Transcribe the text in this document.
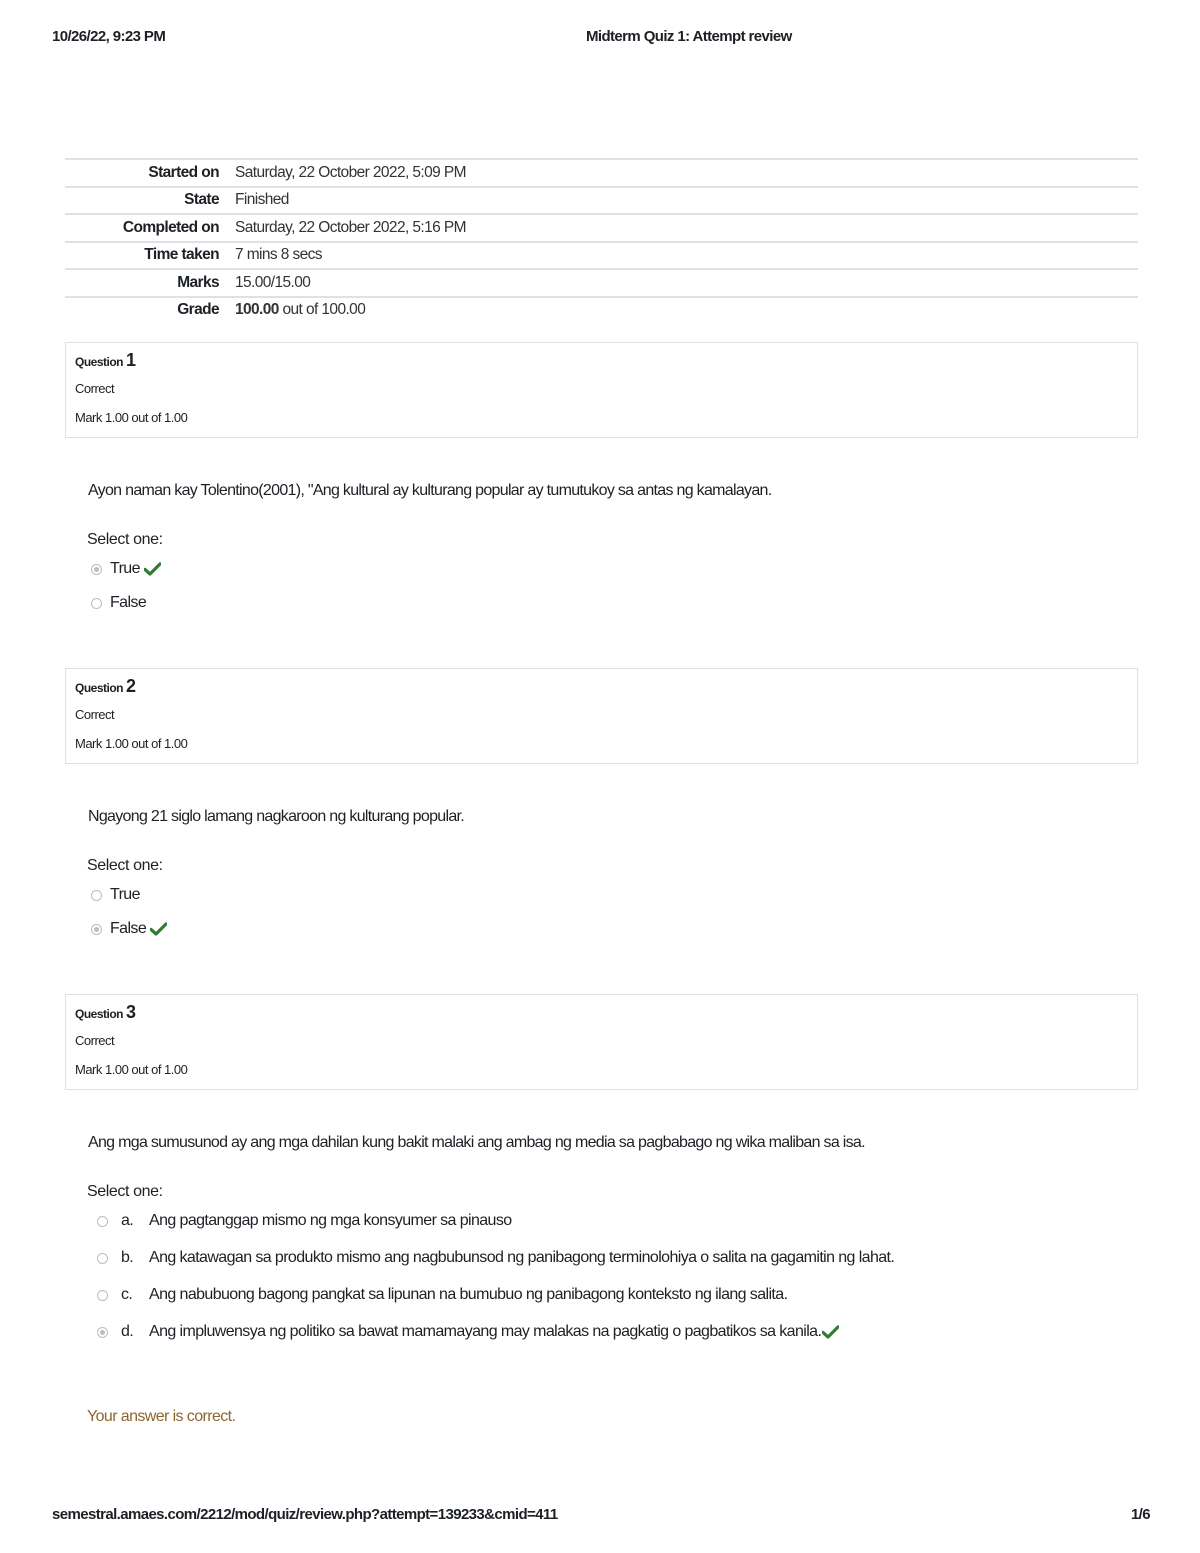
10/26/22, 9:23 PM	Midterm Quiz 1: Attempt review
Started on	Saturday, 22 October 2022, 5:09 PM
State	Finished
Completed on	Saturday, 22 October 2022, 5:16 PM
Time taken	7 mins 8 secs
Marks	15.00/15.00
Grade	100.00 out of 100.00
Question 1
Correct
Mark 1.00 out of 1.00
Ayon naman kay Tolentino(2001), "Ang kultural ay kulturang popular ay tumutukoy sa antas ng kamalayan.
Select one:
True
False
Question 2
Correct
Mark 1.00 out of 1.00
Ngayong 21 siglo lamang nagkaroon ng kulturang popular.
Select one:
True
False
Question 3
Correct
Mark 1.00 out of 1.00
Ang mga sumusunod ay ang mga dahilan kung bakit malaki ang ambag ng media sa pagbabago ng wika maliban sa isa.
Select one:
a. Ang pagtanggap mismo ng mga konsyumer sa pinauso
b. Ang katawagan sa produkto mismo ang nagbubunsod ng panibagong terminolohiya o salita na gagamitin ng lahat.
c.	Ang nabubuong bagong pangkat sa lipunan na bumubuo ng panibagong konteksto ng ilang salita.
d. Ang impluwensya ng politiko sa bawat mamamayang may malakas na pagkatig o pagbatikos sa kanila.
Your answer is correct.
semestral.amaes.com/2212/mod/quiz/review.php?attempt=139233&cmid=411	1/6
